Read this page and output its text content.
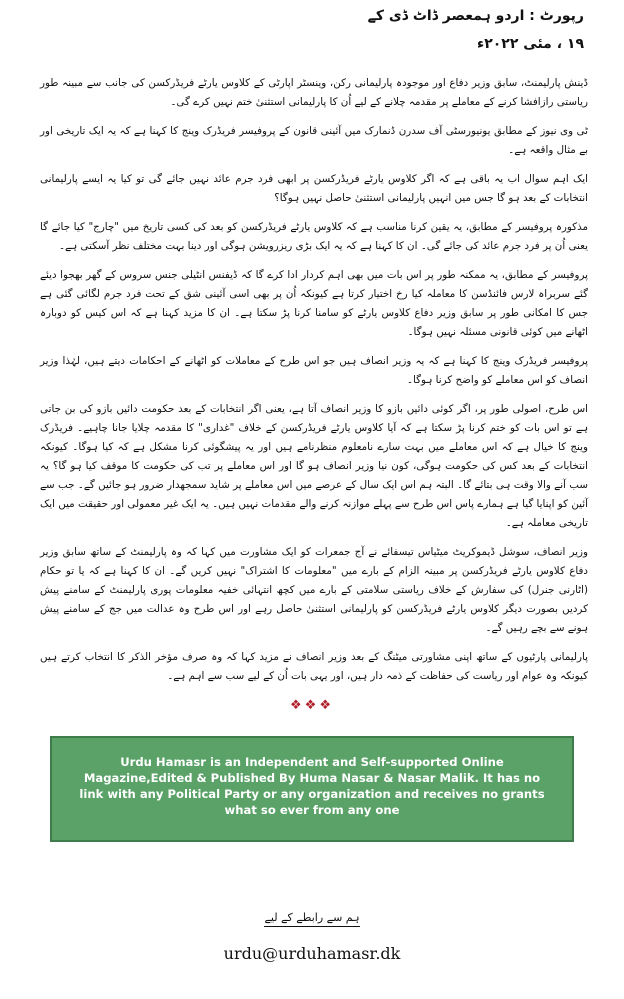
رپورٹ : اردو ہمعصر ڈاٹ ڈی کے

۱۹ ، مئی ۲۰۲۲ء

ڈینش پارلیمنٹ، سابق وزیر دفاع اور موجودہ پارلیمانی رکن، وینسٹر اپارٹی کے کلاوس یارٹے فریڈرکسن کی جانب سے مبینہ طور ریاستی رازافشا کرنے کے معاملے پر مقدمہ چلانے کے لیے اُن کا پارلیمانی استثنیٰ ختم نہیں کرے گی۔

ٹی وی نیوز کے مطابق یونیورسٹی آف سدرن ڈنمارک میں آئینی قانون کے پروفیسر فریڈرک وینج کا کہنا ہے کہ یہ ایک تاریخی اور بے مثال واقعہ ہے۔

ایک اہم سوال اب یہ باقی ہے کہ اگر کلاوس یارٹے فریڈرکسن پر ابھی فرد جرم عائد نہیں جائے گی تو کیا یہ ایسے پارلیمانی انتخابات کے بعد ہو گا جس میں انہیں پارلیمانی استثنیٰ حاصل نہیں ہوگا؟

مذکورہ پروفیسر کے مطابق، یہ یقین کرنا مناسب ہے کہ کلاوس یارٹے فریڈرکسن کو بعد کی کسی تاریخ میں "چارج" کیا جائے گا یعنی اُن پر فرد جرم عائد کی جائے گی۔ ان کا کہنا ہے کہ یہ ایک بڑی ریزرویشن ہوگی اور دینا بہت مختلف نظر آسکتی ہے۔

پروفیسر کے مطابق، یہ ممکنہ طور پر اس بات میں بھی اہم کردار ادا کرے گا کہ ڈیفنس انٹیلی جنس سروس کے گھر بھجوا دیئے گئے سربراہ لارس فائنڈسن کا معاملہ کیا رخ اختیار کرتا ہے کیونکہ اُن پر بھی اسی آئینی شق کے تحت فرد جرم لگائی گئی ہے جس کا امکانی طور پر سابق وزیر دفاع کلاوس یارٹے کو سامنا کرنا پڑ سکتا ہے۔ ان کا مزید کہنا ہے کہ اس کیس کو دوبارہ اٹھانے میں کوئی قانونی مسئلہ نہیں ہوگا۔

پروفیسر فریڈرک وینج کا کہنا ہے کہ یہ وزیر انصاف ہیں جو اس طرح کے معاملات کو اٹھانے کے احکامات دیتے ہیں، لہٰذا وزیر انصاف کو اس معاملے کو واضح کرنا ہوگا۔

اس طرح، اصولی طور پر، اگر کوئی دائیں بازو کا وزیر انصاف آتا ہے، یعنی اگر انتخابات کے بعد حکومت دائیں بازو کی بن جاتی ہے تو اس بات کو ختم کرنا پڑ سکتا ہے کہ آیا کلاوس یارٹے فریڈرکسن کے خلاف "غداری" کا مقدمہ چلایا جانا چاہیے۔ فریڈرک وینج کا خیال ہے کہ اس معاملے میں بہت سارے نامعلوم منظرنامے ہیں اور یہ پیشگوئی کرنا مشکل ہے کہ کیا ہوگا۔ کیونکہ انتخابات کے بعد کس کی حکومت ہوگی، کون نیا وزیر انصاف ہو گا اور اس معاملے پر تب کی حکومت کا موقف کیا ہو گا؟ یہ سب آنے والا وقت ہی بتائے گا۔ البتہ ہم اس ایک سال کے عرصے میں اس معاملے پر شاید سمجھدار ضرور ہو جائیں گے۔ جب سے آئین کو اپنایا گیا ہے ہمارے پاس اس طرح سے پہلے موازنہ کرنے والے مقدمات نہیں ہیں۔ یہ ایک غیر معمولی اور حقیقت میں ایک تاریخی معاملہ ہے۔

وزیر انصاف، سوشل ڈیموکریٹ میٹیاس تیسفائے نے آج جمعرات کو ایک مشاورت میں کہا کہ وہ پارلیمنٹ کے ساتھ سابق وزیر دفاع کلاوس یارٹے فریڈرکسن پر مبینہ الزام کے بارے میں "معلومات کا اشتراک" نہیں کریں گے۔ ان کا کہنا ہے کہ یا تو حکام (اٹارنی جنرل) کی سفارش کے خلاف ریاستی سلامتی کے بارے میں کچھ انتہائی خفیہ معلومات پوری پارلیمنٹ کے سامنے پیش کردیں بصورت دیگر کلاوس یارٹے فریڈرکسن کو پارلیمانی استثنیٰ حاصل رہے اور اس طرح وہ عدالت میں جج کے سامنے پیش ہونے سے بچے رہیں گے۔

پارلیمانی پارٹیوں کے ساتھ اپنی مشاورتی میٹنگ کے بعد وزیر انصاف نے مزید کہا کہ وہ صرف مؤخر الذکر کا انتخاب کرتے ہیں کیونکہ وہ عوام اور ریاست کی حفاظت کے ذمہ دار ہیں، اور یہی بات اُن کے لیے سب سے اہم ہے۔

❖❖❖

Urdu Hamasr is an Independent and Self-supported Online Magazine,Edited & Published By Huma Nasar & Nasar Malik. It has no link with any Political Party or any organization and receives no grants what so ever from any one

ہم سے رابطے کے لیے
urdu@urduhamasr.dk
